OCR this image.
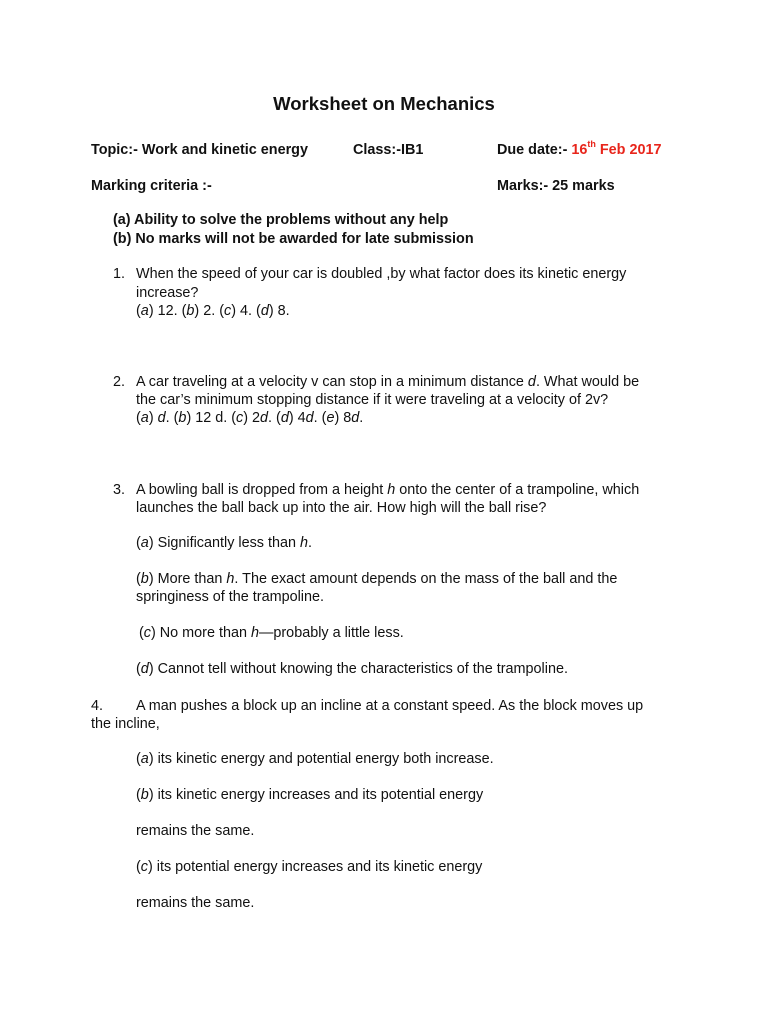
Worksheet on Mechanics
Topic:- Work and kinetic energy	Class:-IB1	Due date:- 16th Feb 2017
Marking criteria :-	Marks:- 25 marks
(a) Ability to solve the problems without any help
(b) No marks will not be awarded for late submission
1. When the speed of your car is doubled ,by what factor does its kinetic energy
increase?
(a) 12. (b) 2. (c) 4. (d) 8.
2. A car traveling at a velocity v can stop in a minimum distance d. What would be
the car’s minimum stopping distance if it were traveling at a velocity of 2v?
(a) d. (b) 12 d. (c) 2d. (d) 4d. (e) 8d.
3. A bowling ball is dropped from a height h onto the center of a trampoline, which
launches the ball back up into the air. How high will the ball rise?
(a) Significantly less than h.
(b) More than h. The exact amount depends on the mass of the ball and the
springiness of the trampoline.
(c) No more than h—probably a little less.
(d) Cannot tell without knowing the characteristics of the trampoline.
4. A man pushes a block up an incline at a constant speed. As the block moves up
the incline,
(a) its kinetic energy and potential energy both increase.
(b) its kinetic energy increases and its potential energy
remains the same.
(c) its potential energy increases and its kinetic energy
remains the same.
